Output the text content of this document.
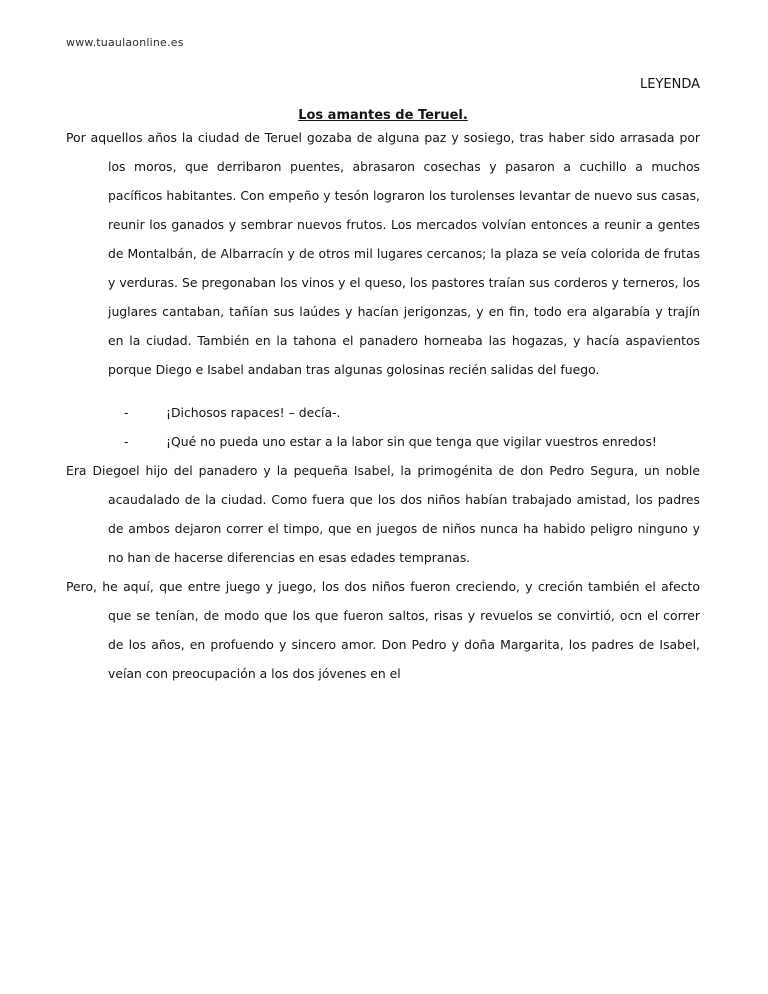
www.tuaulaonline.es
LEYENDA
Los amantes de Teruel.

Por aquellos años la ciudad de Teruel gozaba de alguna paz y sosiego, tras haber sido arrasada por los moros, que derribaron puentes, abrasaron cosechas y pasaron a cuchillo a muchos pacíficos habitantes. Con empeño y tesón lograron los turolenses levantar de nuevo sus casas, reunir los ganados y sembrar nuevos frutos. Los mercados volvían entonces a reunir a gentes de Montalbán, de Albarracín y de otros mil lugares cercanos; la plaza se veía colorida de frutas y verduras. Se pregonaban los vinos y el queso, los pastores traían sus corderos y terneros, los juglares cantaban, tañían sus laúdes y hacían jerigonzas, y en fin, todo era algarabía y trajín en la ciudad. También en la tahona el panadero horneaba las hogazas, y hacía aspavientos porque Diego e Isabel andaban tras algunas golosinas recién salidas del fuego.

-	¡Dichosos rapaces! – decía-.
-	¡Qué no pueda uno estar a la labor sin que tenga que vigilar vuestros enredos!

Era Diegoel hijo del panadero y la pequeña Isabel, la primogénita de don Pedro Segura, un noble acaudalado de la ciudad. Como fuera que los dos niños habían trabajado amistad, los padres de ambos dejaron correr el timpo, que en juegos de niños nunca ha habido peligro ninguno y no han de hacerse diferencias en esas edades tempranas.

Pero, he aquí, que entre juego y juego, los dos niños fueron creciendo, y creción también el afecto que se tenían, de modo que los que fueron saltos, risas y revuelos se convirtió, ocn el correr de los años, en profuendo y sincero amor. Don Pedro y doña Margarita, los padres de Isabel, veían con preocupación a los dos jóvenes en el
